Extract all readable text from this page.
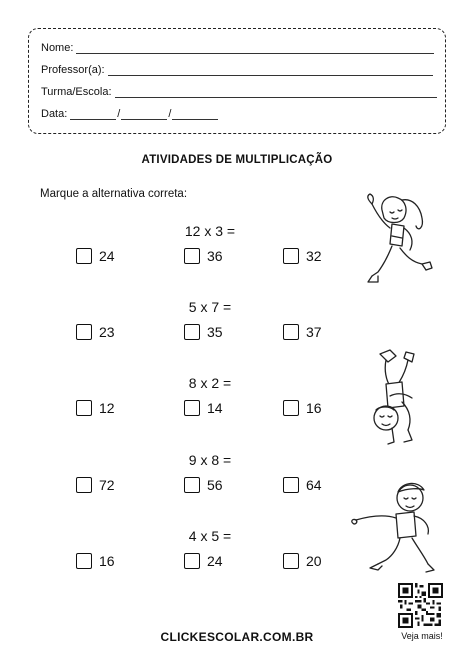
Nome:
Professor(a):
Turma/Escola:
Data:	/	/
ATIVIDADES DE MULTIPLICAÇÃO
Marque a alternativa correta:
12 x 3 =
24	36	32
5 x 7 =
23	35	37
8 x 2 =
12	14	16
9 x 8 =
72	56	64
4 x 5 =
16	24	20
Veja mais!
CLICKESCOLAR.COM.BR
